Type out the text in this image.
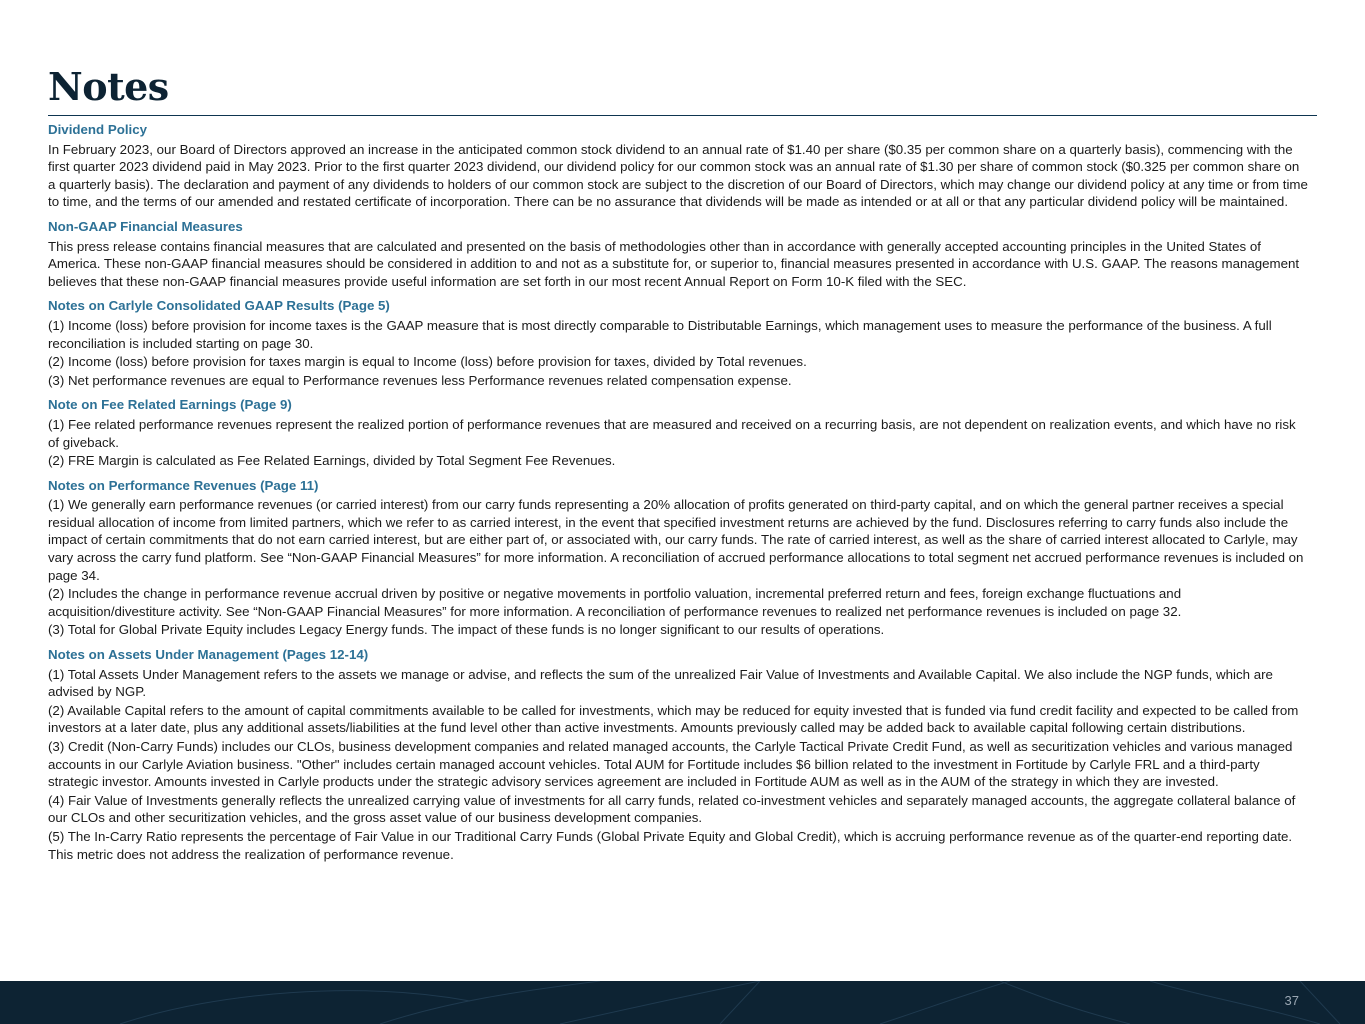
Notes
Dividend Policy

In February 2023, our Board of Directors approved an increase in the anticipated common stock dividend to an annual rate of $1.40 per share ($0.35 per common share on a quarterly basis), commencing with the first quarter 2023 dividend paid in May 2023. Prior to the first quarter 2023 dividend, our dividend policy for our common stock was an annual rate of $1.30 per share of common stock ($0.325 per common share on a quarterly basis). The declaration and payment of any dividends to holders of our common stock are subject to the discretion of our Board of Directors, which may change our dividend policy at any time or from time to time, and the terms of our amended and restated certificate of incorporation. There can be no assurance that dividends will be made as intended or at all or that any particular dividend policy will be maintained.

Non-GAAP Financial Measures

This press release contains financial measures that are calculated and presented on the basis of methodologies other than in accordance with generally accepted accounting principles in the United States of America. These non-GAAP financial measures should be considered in addition to and not as a substitute for, or superior to, financial measures presented in accordance with U.S. GAAP. The reasons management believes that these non-GAAP financial measures provide useful information are set forth in our most recent Annual Report on Form 10-K filed with the SEC.

Notes on Carlyle Consolidated GAAP Results (Page 5)

(1) Income (loss) before provision for income taxes is the GAAP measure that is most directly comparable to Distributable Earnings, which management uses to measure the performance of the business. A full reconciliation is included starting on page 30.

(2) Income (loss) before provision for taxes margin is equal to Income (loss) before provision for taxes, divided by Total revenues.

(3) Net performance revenues are equal to Performance revenues less Performance revenues related compensation expense.

Note on Fee Related Earnings (Page 9)

(1) Fee related performance revenues represent the realized portion of performance revenues that are measured and received on a recurring basis, are not dependent on realization events, and which have no risk of giveback.

(2) FRE Margin is calculated as Fee Related Earnings, divided by Total Segment Fee Revenues.

Notes on Performance Revenues (Page 11)

(1) We generally earn performance revenues (or carried interest) from our carry funds representing a 20% allocation of profits generated on third-party capital, and on which the general partner receives a special residual allocation of income from limited partners, which we refer to as carried interest, in the event that specified investment returns are achieved by the fund. Disclosures referring to carry funds also include the impact of certain commitments that do not earn carried interest, but are either part of, or associated with, our carry funds. The rate of carried interest, as well as the share of carried interest allocated to Carlyle, may vary across the carry fund platform. See “Non-GAAP Financial Measures” for more information. A reconciliation of accrued performance allocations to total segment net accrued performance revenues is included on page 34.

(2) Includes the change in performance revenue accrual driven by positive or negative movements in portfolio valuation, incremental preferred return and fees, foreign exchange fluctuations and acquisition/divestiture activity. See “Non-GAAP Financial Measures” for more information. A reconciliation of performance revenues to realized net performance revenues is included on page 32.

(3) Total for Global Private Equity includes Legacy Energy funds. The impact of these funds is no longer significant to our results of operations.

Notes on Assets Under Management (Pages 12-14)

(1) Total Assets Under Management refers to the assets we manage or advise, and reflects the sum of the unrealized Fair Value of Investments and Available Capital. We also include the NGP funds, which are advised by NGP.

(2) Available Capital refers to the amount of capital commitments available to be called for investments, which may be reduced for equity invested that is funded via fund credit facility and expected to be called from investors at a later date, plus any additional assets/liabilities at the fund level other than active investments. Amounts previously called may be added back to available capital following certain distributions.

(3) Credit (Non-Carry Funds) includes our CLOs, business development companies and related managed accounts, the Carlyle Tactical Private Credit Fund, as well as securitization vehicles and various managed accounts in our Carlyle Aviation business. "Other" includes certain managed account vehicles. Total AUM for Fortitude includes $6 billion related to the investment in Fortitude by Carlyle FRL and a third-party strategic investor. Amounts invested in Carlyle products under the strategic advisory services agreement are included in Fortitude AUM as well as in the AUM of the strategy in which they are invested.

(4) Fair Value of Investments generally reflects the unrealized carrying value of investments for all carry funds, related co-investment vehicles and separately managed accounts, the aggregate collateral balance of our CLOs and other securitization vehicles, and the gross asset value of our business development companies.

(5) The In-Carry Ratio represents the percentage of Fair Value in our Traditional Carry Funds (Global Private Equity and Global Credit), which is accruing performance revenue as of the quarter-end reporting date. This metric does not address the realization of performance revenue.

37
